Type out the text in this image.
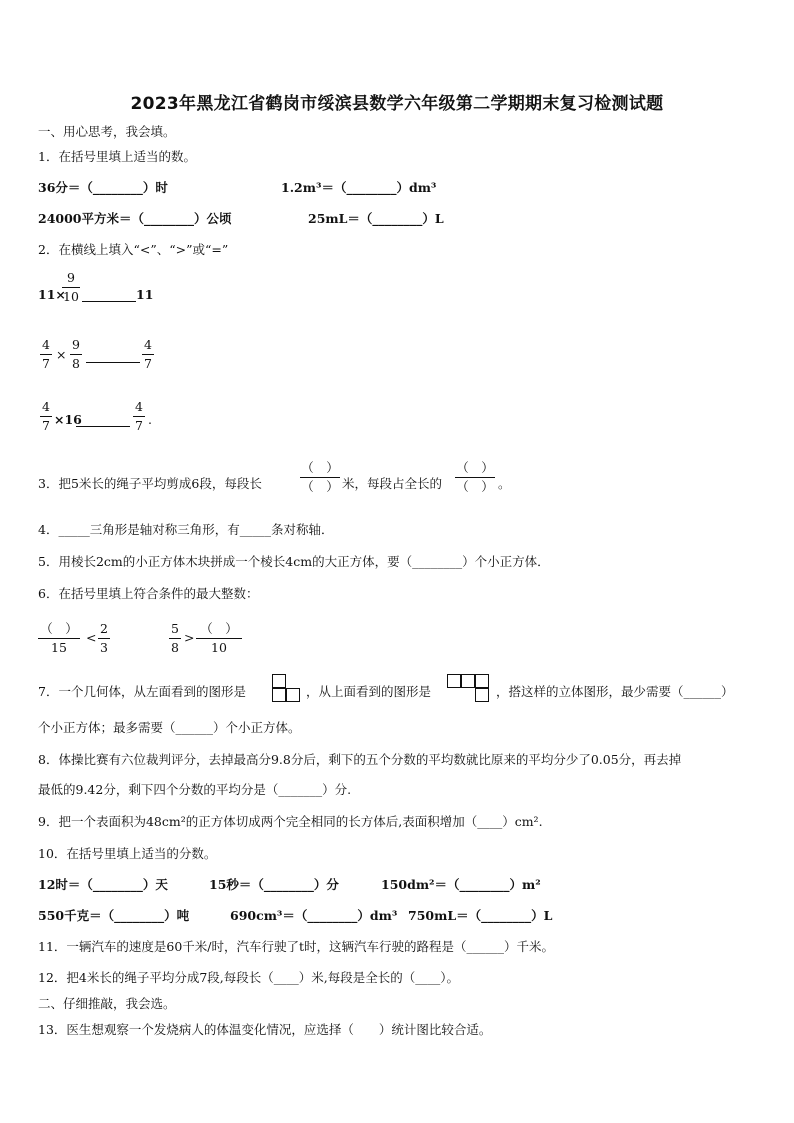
2023年黑龙江省鹤岗市绥滨县数学六年级第二学期期末复习检测试题
一、用心思考，我会填。
1．在括号里填上适当的数。
36分＝（________）时	1.2m³＝（________）dm³
24000平方米＝（________）公顷	25mL＝（________）L
2．在横线上填入“<”、“>”或“=”
11×
9
10	11
4
7
×
9
8
4
7
4
7 ×16
4
7 .
3．把5米长的绳子平均剪成6段，每段长
（　）
（　） 米，每段占全长的
（　）
（　） 。
4．_____三角形是轴对称三角形，有_____条对称轴．
5．用棱长2cm的小正方体木块拼成一个棱长4cm的大正方体，要（________）个小正方体．
6．在括号里填上符合条件的最大整数：
（　）
15
<
2
3
5
8
>
（　）
10
7．一个几何体，从左面看到的图形是	，从上面看到的图形是	，搭这样的立体图形，最少需要（______）
个小正方体；最多需要（______）个小正方体。
8．体操比赛有六位裁判评分，去掉最高分9.8分后，剩下的五个分数的平均数就比原来的平均分少了0.05分，再去掉
最低的9.42分，剩下四个分数的平均分是（_______）分.
9．把一个表面积为48cm²的正方体切成两个完全相同的长方体后,表面积增加（____）cm².
10．在括号里填上适当的分数。
12时＝（________）天	15秒＝（________）分	150dm²＝（________）m²
550千克＝（________）吨	690cm³＝（________）dm³ 750mL＝（________）L
11．一辆汽车的速度是60千米/时，汽车行驶了t时，这辆汽车行驶的路程是（______）千米。
12．把4米长的绳子平均分成7段,每段长（____）米,每段是全长的（____）。
二、仔细推敲，我会选。
13．医生想观察一个发烧病人的体温变化情况，应选择（　　）统计图比较合适。
